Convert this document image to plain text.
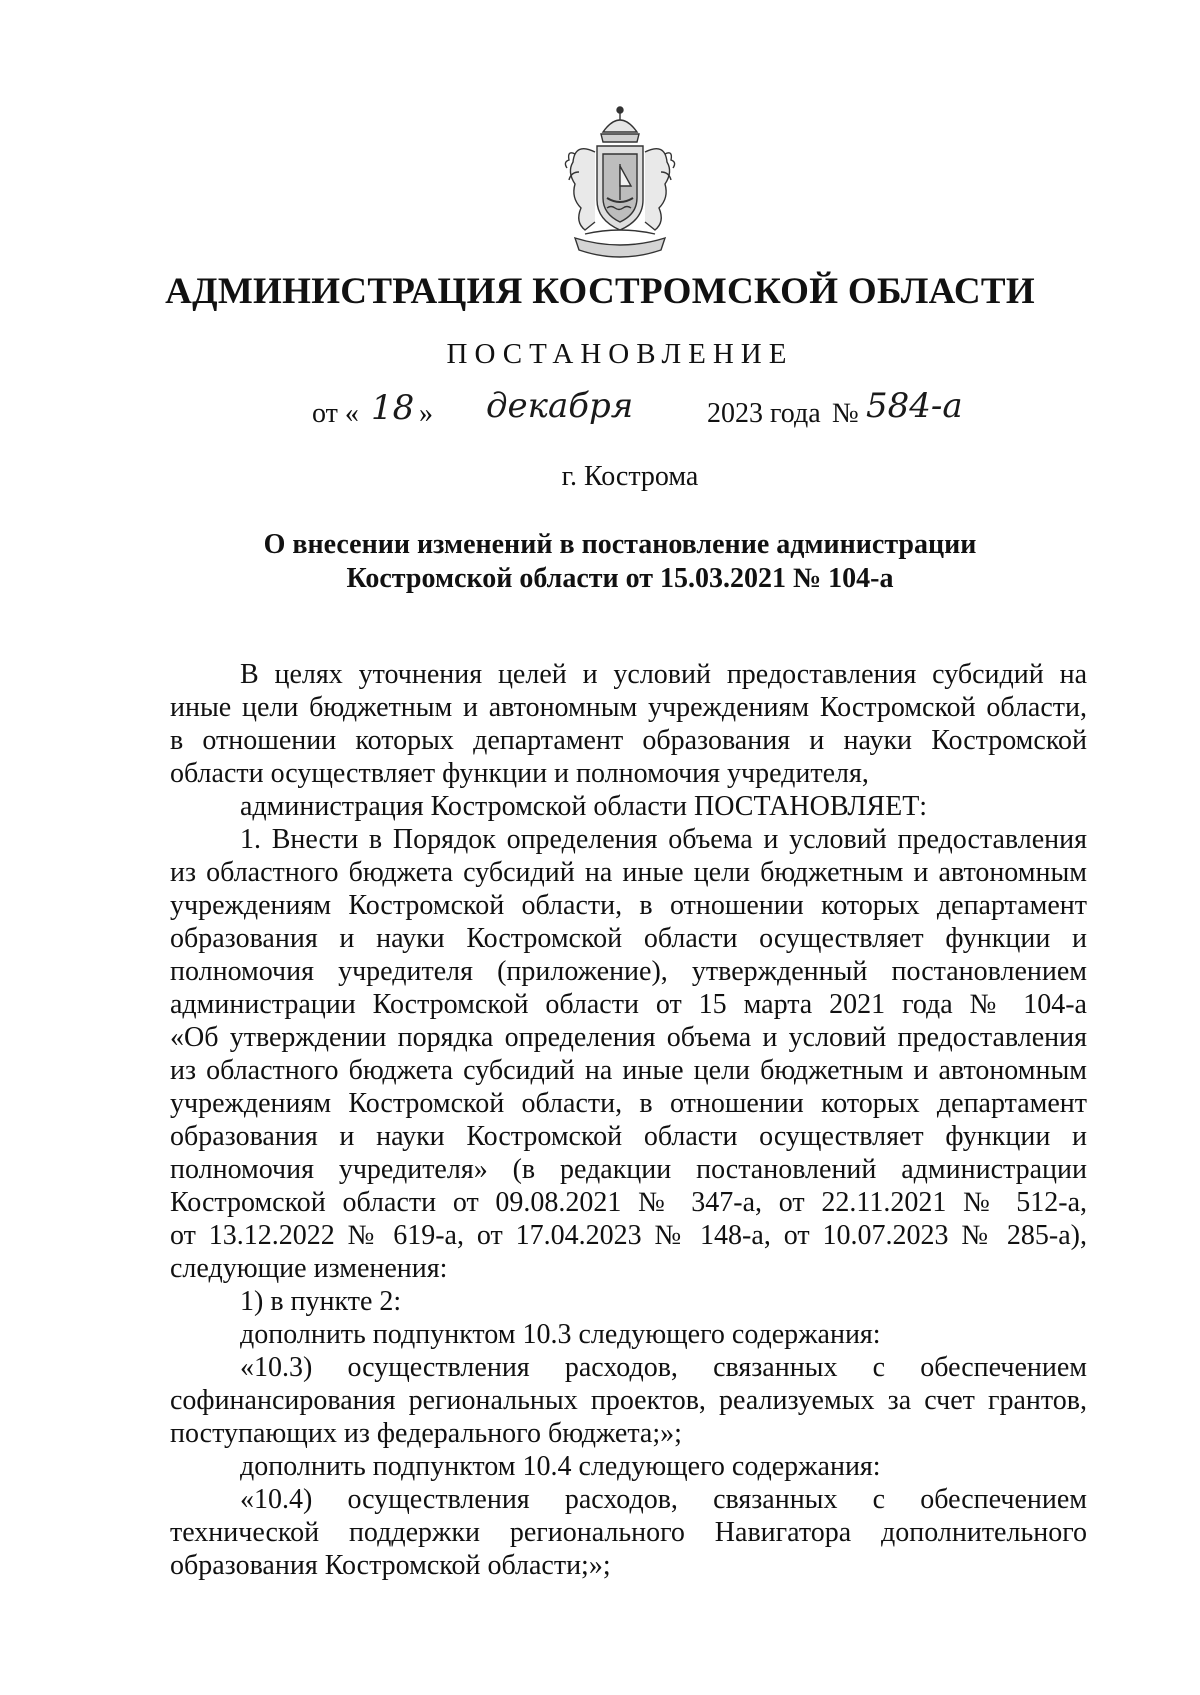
АДМИНИСТРАЦИЯ КОСТРОМСКОЙ ОБЛАСТИ
ПОСТАНОВЛЕНИЕ
от « 18 » декабря	2023 года № 584-а
г. Кострома
О внесении изменений в постановление администрации
Костромской области от 15.03.2021 № 104-а
В целях уточнения целей и условий предоставления субсидий на
иные цели бюджетным и автономным учреждениям Костромской области,
в отношении которых департамент образования и науки Костромской
области осуществляет функции и полномочия учредителя,
администрация Костромской области ПОСТАНОВЛЯЕТ:
1. Внести в Порядок определения объема и условий предоставления
из областного бюджета субсидий на иные цели бюджетным и автономным
учреждениям Костромской области, в отношении которых департамент
образования и науки Костромской области осуществляет функции и
полномочия учредителя (приложение), утвержденный постановлением
администрации Костромской области от 15 марта 2021 года № 104-а
«Об утверждении порядка определения объема и условий предоставления
из областного бюджета субсидий на иные цели бюджетным и автономным
учреждениям Костромской области, в отношении которых департамент
образования и науки Костромской области осуществляет функции и
полномочия учредителя» (в редакции постановлений администрации
Костромской области от 09.08.2021 № 347-а, от 22.11.2021 № 512-а,
от 13.12.2022 № 619-а, от 17.04.2023 № 148-а, от 10.07.2023 № 285-а),
следующие изменения:
1) в пункте 2:
дополнить подпунктом 10.3 следующего содержания:
«10.3) осуществления расходов, связанных с обеспечением
софинансирования региональных проектов, реализуемых за счет грантов,
поступающих из федерального бюджета;»;
дополнить подпунктом 10.4 следующего содержания:
«10.4) осуществления расходов, связанных с обеспечением
технической поддержки регионального Навигатора дополнительного
образования Костромской области;»;
